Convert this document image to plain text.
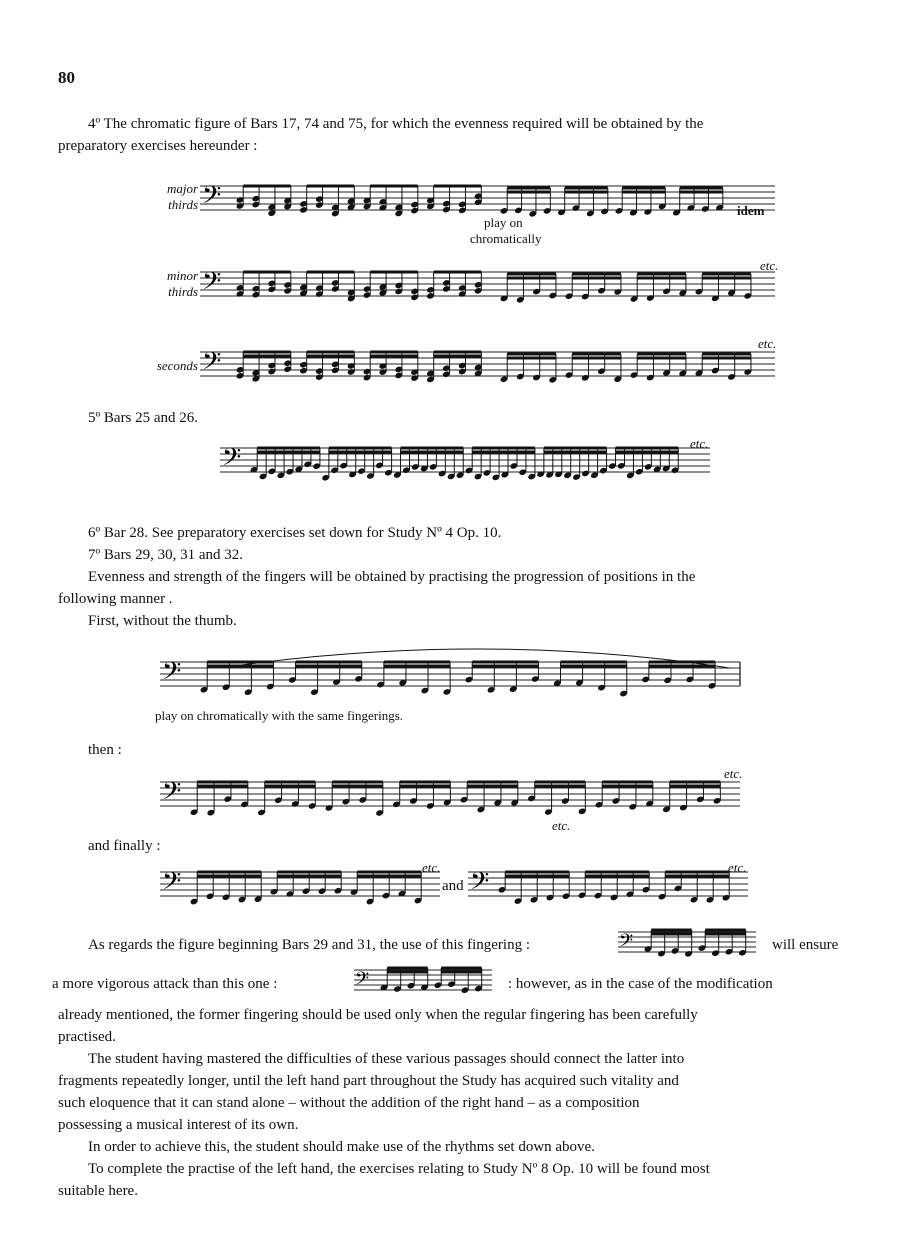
80
4º The chromatic figure of Bars 17, 74 and 75, for which the evenness required will be obtained by the
preparatory exercises hereunder :
major thirds 𝄢
play on
chromatically
idem
minor thirds 𝄢
etc.
seconds 𝄢
etc.
5º Bars 25 and 26.
𝄢	etc.
6º Bar 28. See preparatory exercises set down for Study Nº 4 Op. 10.
7º Bars 29, 30, 31 and 32.
Evenness and strength of the fingers will be obtained by practising the progression of positions in the
following manner .
First, without the thumb.
𝄢
play on chromatically with the same fingerings.
then :
𝄢
etc.
etc.
and finally :
𝄢	etc.
and 𝄢	etc.
As regards the figure beginning Bars 29 and 31, the use of this fingering :	𝄢	will ensure
a more vigorous attack than this one :	𝄢	: however, as in the case of the modification
already mentioned, the former fingering should be used only when the regular fingering has been carefully
practised.
The student having mastered the difficulties of these various passages should connect the latter into
fragments repeatedly longer, until the left hand part throughout the Study has acquired such vitality and
such eloquence that it can stand alone – without the addition of the right hand – as a composition
possessing a musical interest of its own.
In order to achieve this, the student should make use of the rhythms set down above.
To complete the practise of the left hand, the exercises relating to Study Nº 8 Op. 10 will be found most
suitable here.
